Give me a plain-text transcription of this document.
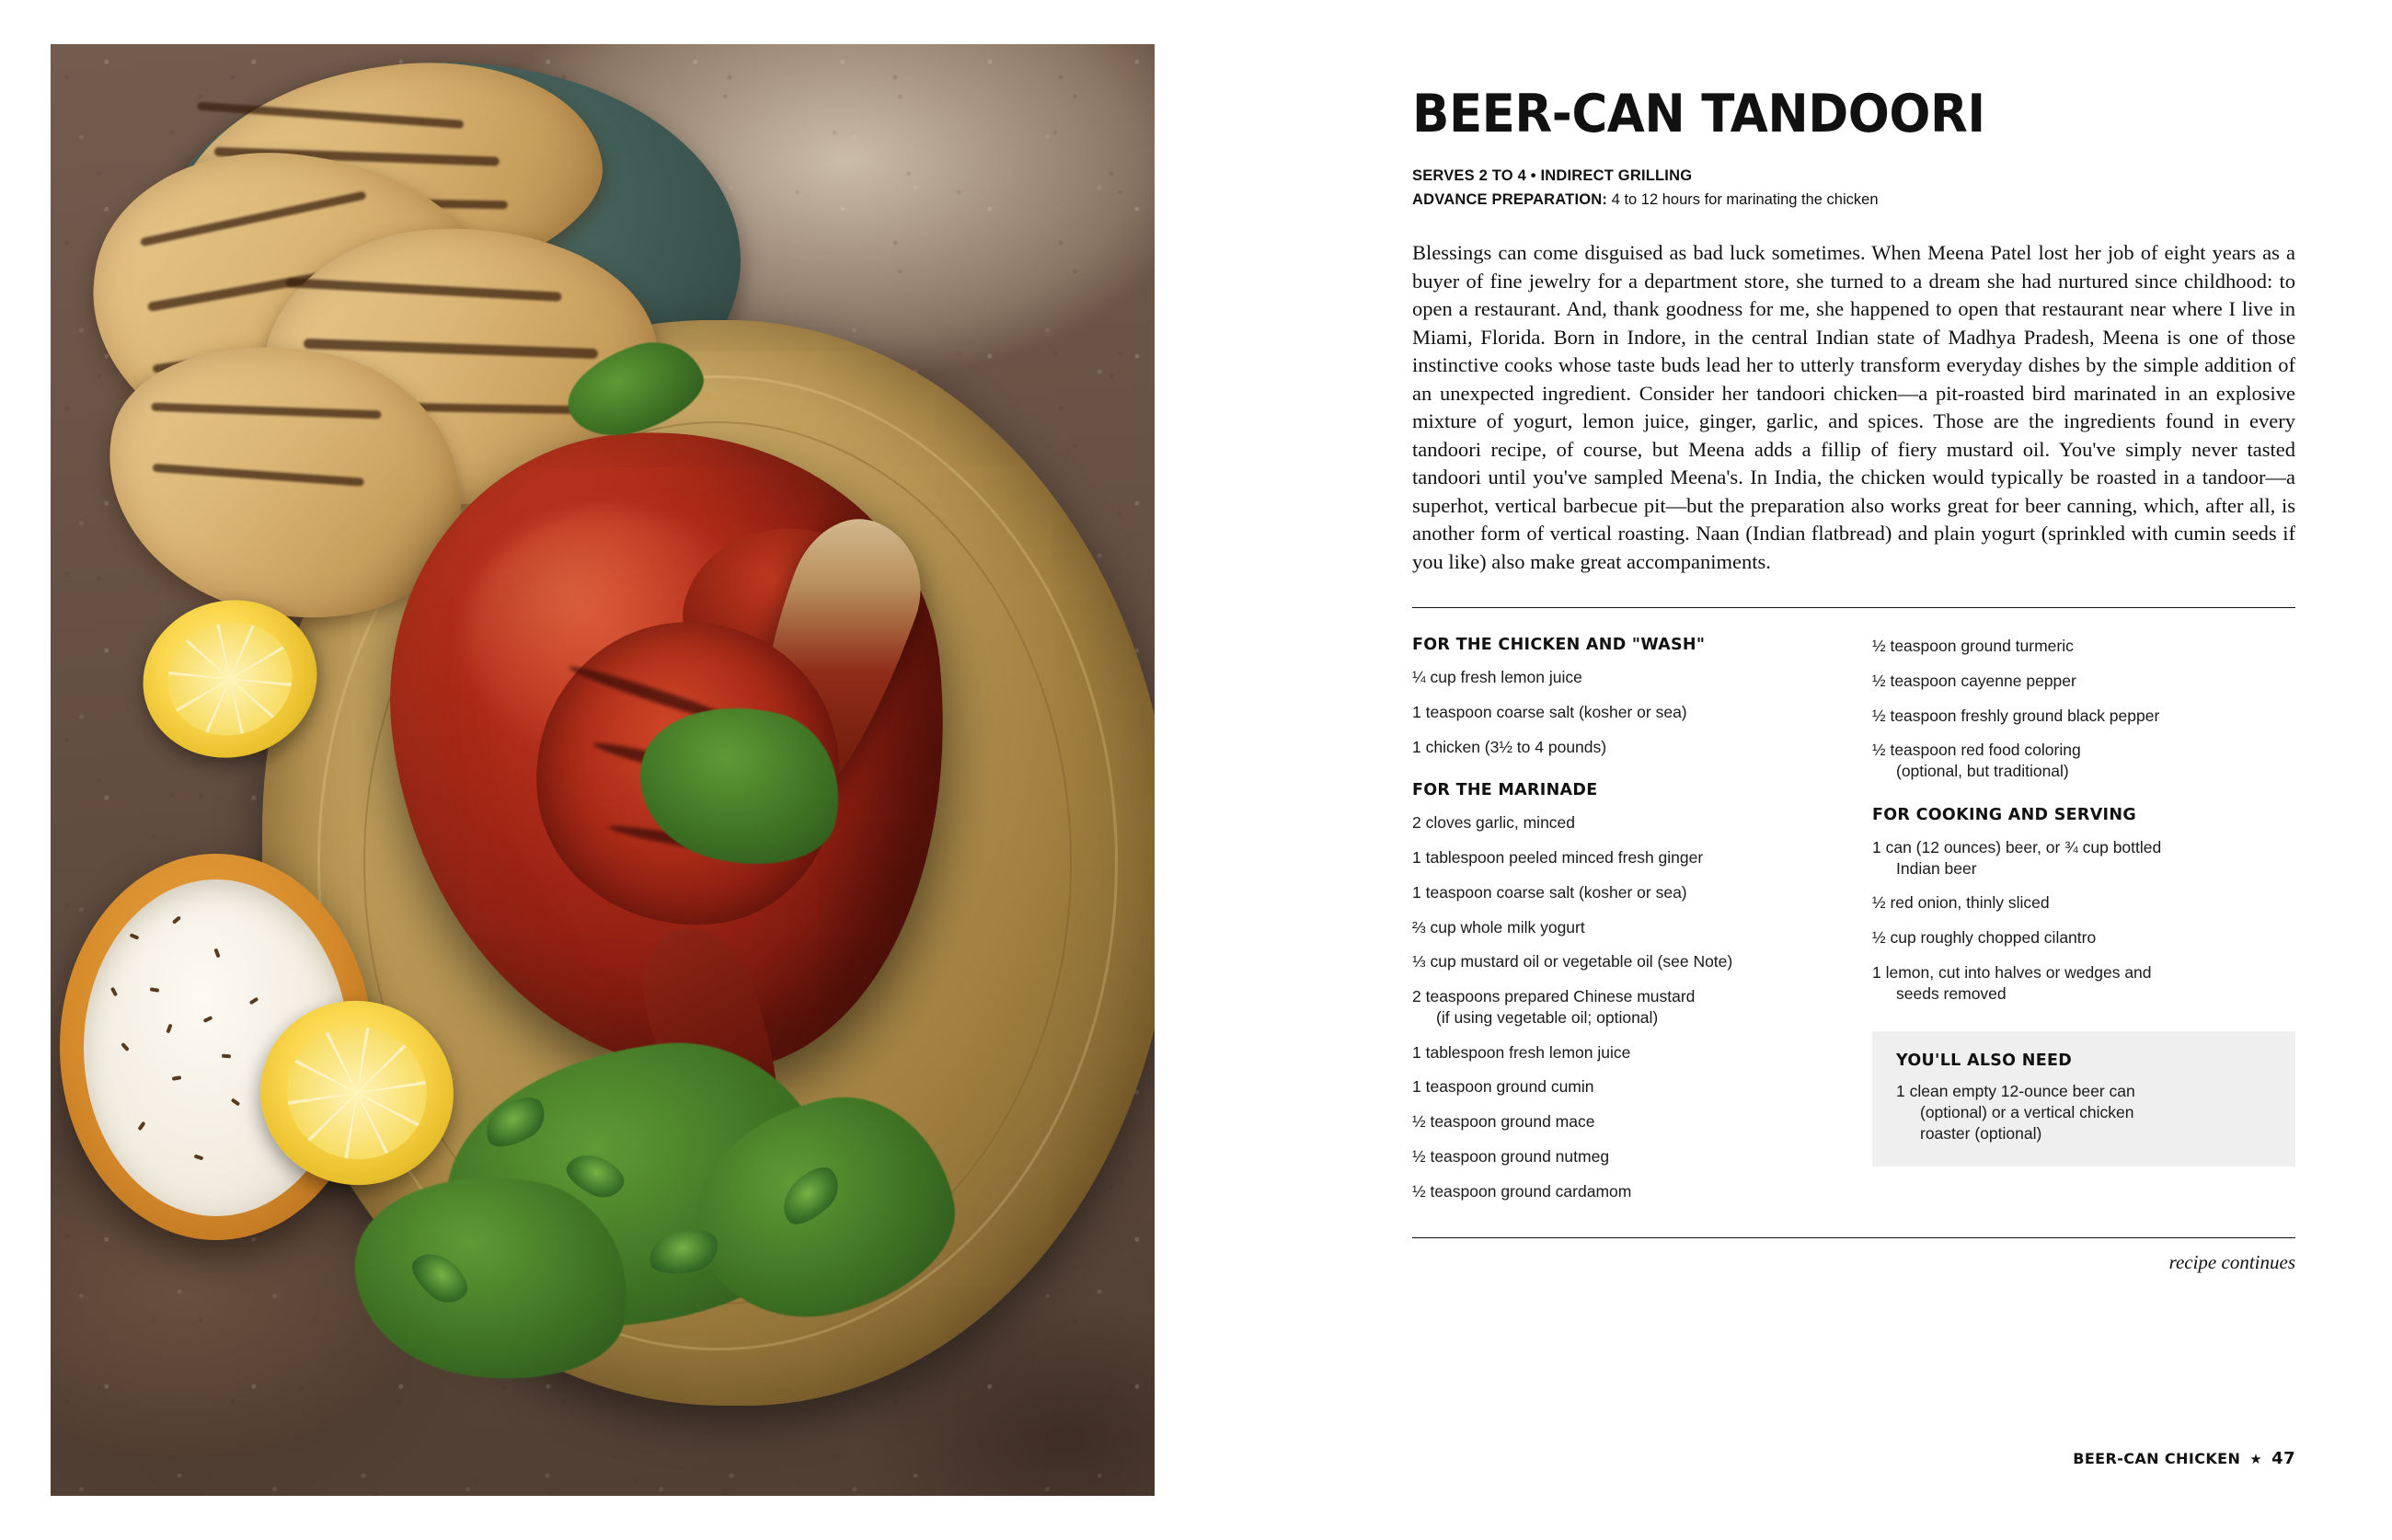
BEER-CAN TANDOORI
SERVES 2 TO 4 • INDIRECT GRILLING
ADVANCE PREPARATION: 4 to 12 hours for marinating the chicken

Blessings can come disguised as bad luck sometimes. When Meena Patel lost her job of eight years as a buyer of fine jewelry for a department store, she turned to a dream she had nurtured since childhood: to open a restaurant. And, thank goodness for me, she happened to open that restaurant near where I live in Miami, Florida. Born in Indore, in the central Indian state of Madhya Pradesh, Meena is one of those instinctive cooks whose taste buds lead her to utterly transform everyday dishes by the simple addition of an unexpected ingredient. Consider her tandoori chicken—a pit-roasted bird marinated in an explosive mixture of yogurt, lemon juice, ginger, garlic, and spices. Those are the ingredients found in every tandoori recipe, of course, but Meena adds a fillip of fiery mustard oil. You've simply never tasted tandoori until you've sampled Meena's. In India, the chicken would typically be roasted in a tandoor—a superhot, vertical barbecue pit—but the preparation also works great for beer canning, which, after all, is another form of vertical roasting. Naan (Indian flatbread) and plain yogurt (sprinkled with cumin seeds if you like) also make great accompaniments.

FOR THE CHICKEN AND "WASH"
¼ cup fresh lemon juice
1 teaspoon coarse salt (kosher or sea)
1 chicken (3½ to 4 pounds)
FOR THE MARINADE
2 cloves garlic, minced
1 tablespoon peeled minced fresh ginger
1 teaspoon coarse salt (kosher or sea)
⅔ cup whole milk yogurt
⅓ cup mustard oil or vegetable oil (see Note)
2 teaspoons prepared Chinese mustard
(if using vegetable oil; optional)
1 tablespoon fresh lemon juice
1 teaspoon ground cumin
½ teaspoon ground mace
½ teaspoon ground nutmeg
½ teaspoon ground cardamom
½ teaspoon ground turmeric
½ teaspoon cayenne pepper
½ teaspoon freshly ground black pepper
½ teaspoon red food coloring
(optional, but traditional)
FOR COOKING AND SERVING
1 can (12 ounces) beer, or ¾ cup bottled
Indian beer
½ red onion, thinly sliced
½ cup roughly chopped cilantro
1 lemon, cut into halves or wedges and
seeds removed
YOU'LL ALSO NEED
1 clean empty 12-ounce beer can
(optional) or a vertical chicken
roaster (optional)
recipe continues
BEER-CAN CHICKEN ★ 47
